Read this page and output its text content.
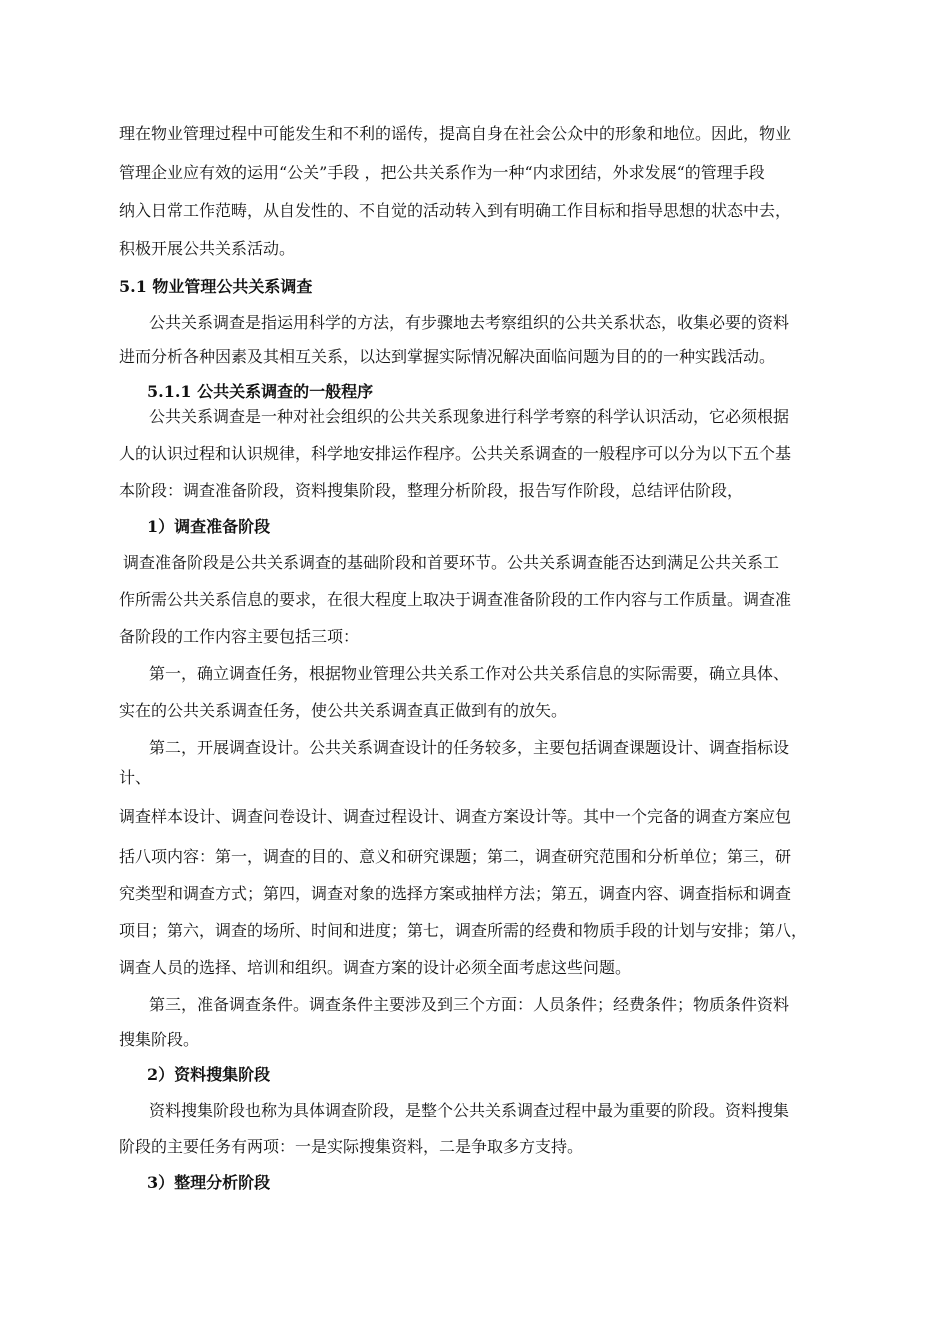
理在物业管理过程中可能发生和不利的谣传，提高自身在社会公众中的形象和地位。因此，物业
管理企业应有效的运用“公关”手段 ，把公共关系作为一种“内求团结，外求发展“的管理手段
纳入日常工作范畴，从自发性的、不自觉的活动转入到有明确工作目标和指导思想的状态中去，
积极开展公共关系活动。
5.1 物业管理公共关系调查
公共关系调查是指运用科学的方法，有步骤地去考察组织的公共关系状态，收集必要的资料
进而分析各种因素及其相互关系，以达到掌握实际情况解决面临问题为目的的一种实践活动。
5.1.1 公共关系调查的一般程序
公共关系调查是一种对社会组织的公共关系现象进行科学考察的科学认识活动，它必须根据
人的认识过程和认识规律，科学地安排运作程序。公共关系调查的一般程序可以分为以下五个基
本阶段：调查准备阶段，资料搜集阶段，整理分析阶段，报告写作阶段，总结评估阶段，
1）调查准备阶段
调查准备阶段是公共关系调查的基础阶段和首要环节。公共关系调查能否达到满足公共关系工
作所需公共关系信息的要求，在很大程度上取决于调查准备阶段的工作内容与工作质量。调查准
备阶段的工作内容主要包括三项：
第一，确立调查任务，根据物业管理公共关系工作对公共关系信息的实际需要，确立具体、
实在的公共关系调查任务，使公共关系调查真正做到有的放矢。
第二，开展调查设计。公共关系调查设计的任务较多，主要包括调查课题设计、调查指标设
计、
调查样本设计、调查问卷设计、调查过程设计、调查方案设计等。其中一个完备的调查方案应包
括八项内容：第一，调查的目的、意义和研究课题；第二，调查研究范围和分析单位；第三，研
究类型和调查方式；第四，调查对象的选择方案或抽样方法；第五，调查内容、调查指标和调查
项目；第六，调查的场所、时间和进度；第七，调查所需的经费和物质手段的计划与安排；第八，
调查人员的选择、培训和组织。调查方案的设计必须全面考虑这些问题。
第三，准备调查条件。调查条件主要涉及到三个方面：人员条件；经费条件；物质条件资料
搜集阶段。
2）资料搜集阶段
资料搜集阶段也称为具体调查阶段，是整个公共关系调查过程中最为重要的阶段。资料搜集
阶段的主要任务有两项：一是实际搜集资料，二是争取多方支持。
3）整理分析阶段
